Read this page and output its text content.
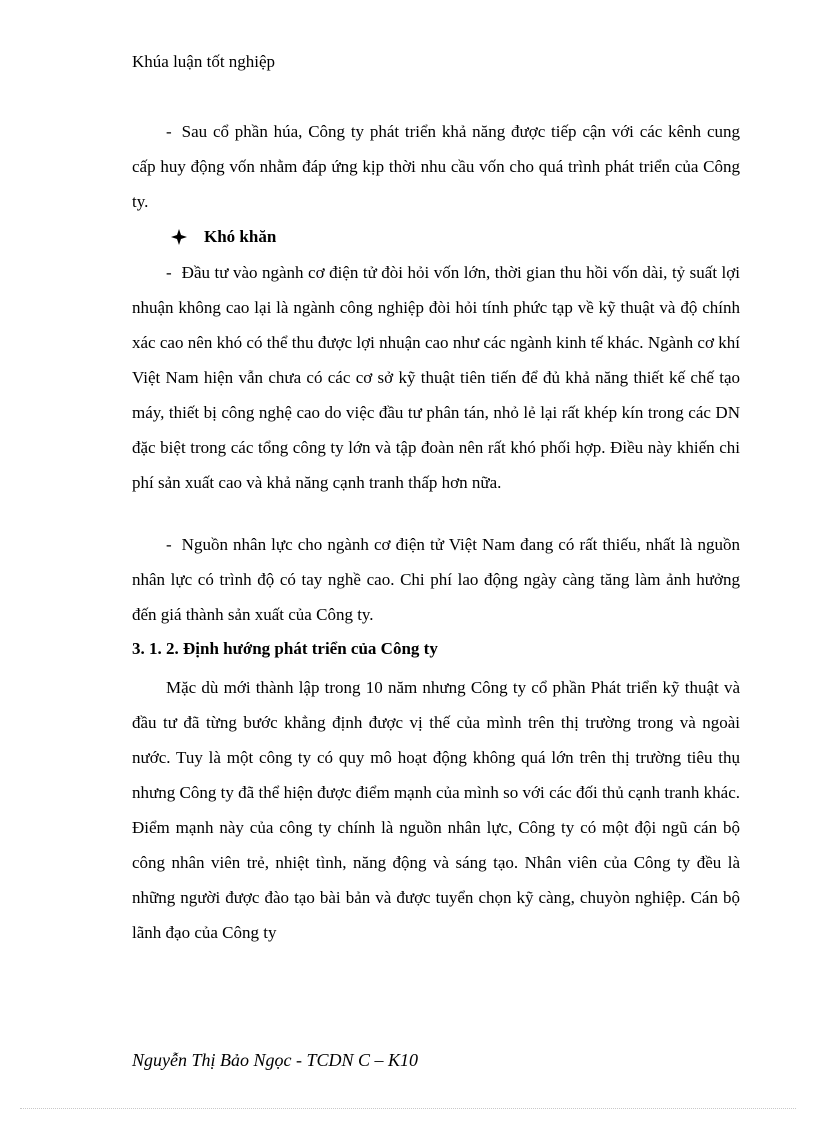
Khúa luận tốt nghiệp

- Sau cổ phần húa, Công ty phát triển khả năng được tiếp cận với các kênh cung cấp huy động vốn nhằm đáp ứng kịp thời nhu cầu vốn cho quá trình phát triển của Công ty.

Khó khăn

- Đầu tư vào ngành cơ điện tử đòi hỏi vốn lớn, thời gian thu hồi vốn dài, tỷ suất lợi nhuận không cao lại là ngành công nghiệp đòi hỏi tính phức tạp về kỹ thuật và độ chính xác cao nên khó có thể thu được lợi nhuận cao như các ngành kinh tế khác. Ngành cơ khí Việt Nam hiện vẫn chưa có các cơ sở kỹ thuật tiên tiến để đủ khả năng thiết kế chế tạo máy, thiết bị công nghệ cao do việc đầu tư phân tán, nhỏ lẻ lại rất khép kín trong các DN đặc biệt trong các tổng công ty lớn và tập đoàn nên rất khó phối hợp. Điều này khiến chi phí sản xuất cao và khả năng cạnh tranh thấp hơn nữa.

- Nguồn nhân lực cho ngành cơ điện tử Việt Nam đang có rất thiếu, nhất là nguồn nhân lực có trình độ có tay nghề cao. Chi phí lao động ngày càng tăng làm ảnh hưởng đến giá thành sản xuất của Công ty.

3. 1. 2. Định hướng phát triển của Công ty

Mặc dù mới thành lập trong 10 năm nhưng Công ty cổ phần Phát triển kỹ thuật và đầu tư đã từng bước khẳng định được vị thế của mình trên thị trường trong và ngoài nước. Tuy là một công ty có quy mô hoạt động không quá lớn trên thị trường tiêu thụ nhưng Công ty đã thể hiện được điểm mạnh của mình so với các đối thủ cạnh tranh khác. Điểm mạnh này của công ty chính là nguồn nhân lực, Công ty có một đội ngũ cán bộ công nhân viên trẻ, nhiệt tình, năng động và sáng tạo. Nhân viên của Công ty đều là những người được đào tạo bài bản và được tuyển chọn kỹ càng, chuyòn nghiệp. Cán bộ lãnh đạo của Công ty

Nguyễn Thị Bảo Ngọc - TCDN C – K10
